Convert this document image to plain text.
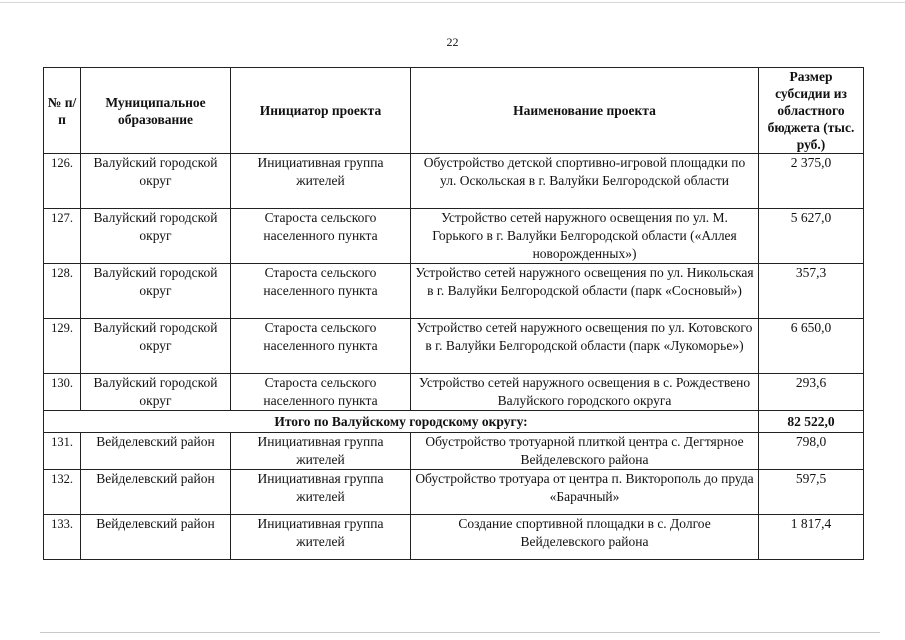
22
№ п/п	Муниципальное образование	Инициатор проекта	Наименование проекта	Размер субсидии из областного бюджета (тыс. руб.)
126.	Валуйский городской округ	Инициативная группа жителей	Обустройство детской спортивно-игровой площадки по ул. Оскольская в г. Валуйки Белгородской области	2 375,0
127.	Валуйский городской округ	Староста сельского населенного пункта	Устройство сетей наружного освещения по ул. М. Горького в г. Валуйки Белгородской области («Аллея новорожденных»)	5 627,0
128.	Валуйский городской округ	Староста сельского населенного пункта	Устройство сетей наружного освещения по ул. Никольская в г. Валуйки Белгородской области (парк «Сосновый»)	357,3
129.	Валуйский городской округ	Староста сельского населенного пункта	Устройство сетей наружного освещения по ул. Котовского в г. Валуйки Белгородской области (парк «Лукоморье»)	6 650,0
130.	Валуйский городской округ	Староста сельского населенного пункта	Устройство сетей наружного освещения в с. Рождествено Валуйского городского округа	293,6
Итого по Валуйскому городскому округу:				82 522,0
131.	Вейделевский район	Инициативная группа жителей	Обустройство тротуарной плиткой центра с. Дегтярное Вейделевского района	798,0
132.	Вейделевский район	Инициативная группа жителей	Обустройство тротуара от центра п. Викторополь до пруда «Барачный»	597,5
133.	Вейделевский район	Инициативная группа жителей	Создание спортивной площадки в с. Долгое Вейделевского района	1 817,4
